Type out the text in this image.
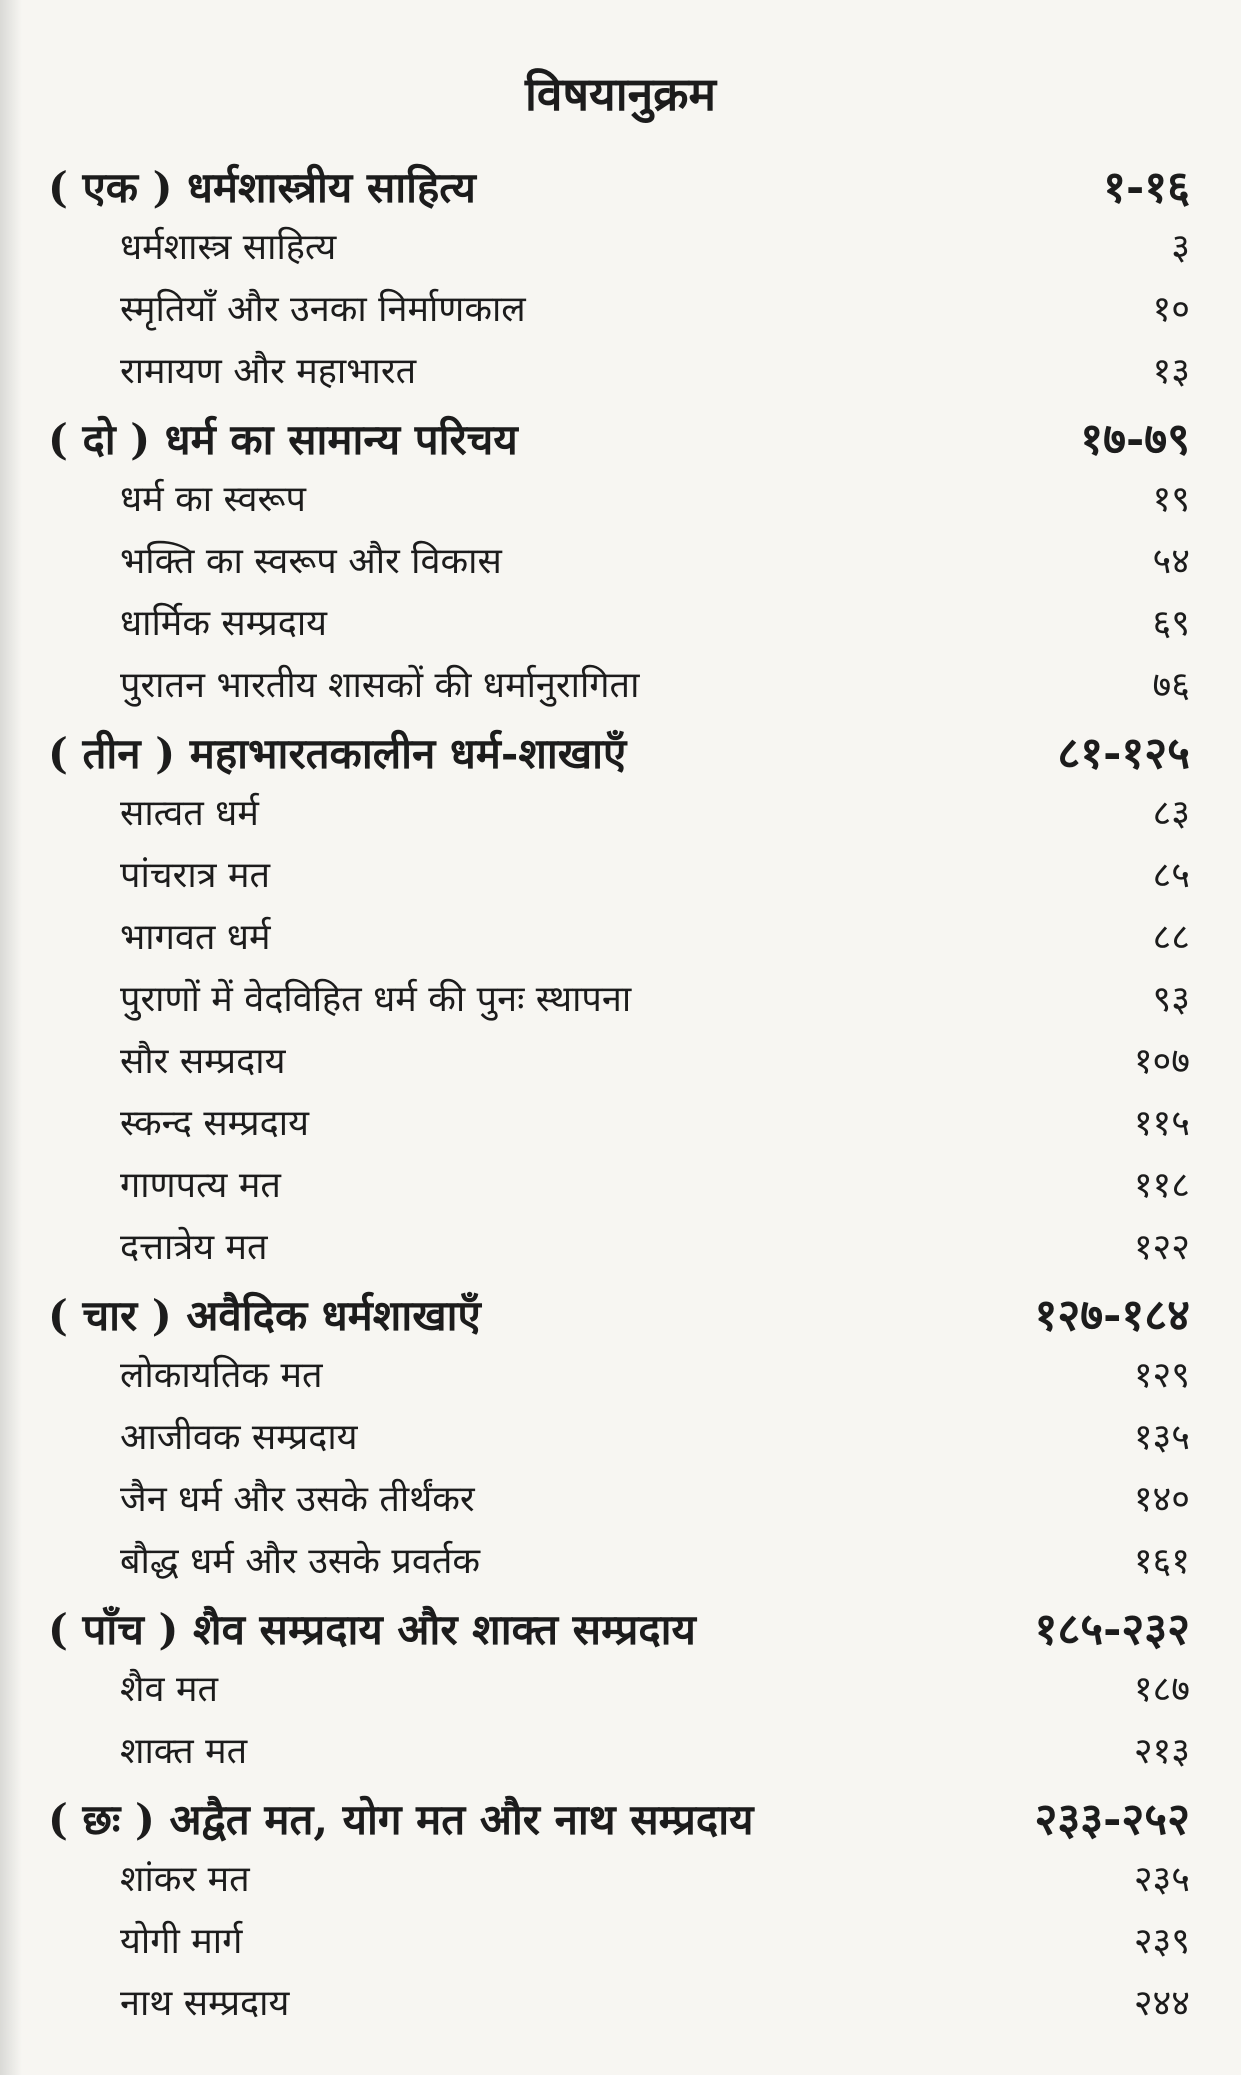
विषयानुक्रम
( एक ) धर्मशास्त्रीय साहित्य	१-१६
धर्मशास्त्र साहित्य	३
स्मृतियाँ और उनका निर्माणकाल	१०
रामायण और महाभारत	१३
( दो ) धर्म का सामान्य परिचय	१७-७९
धर्म का स्वरूप	१९
भक्ति का स्वरूप और विकास	५४
धार्मिक सम्प्रदाय	६९
पुरातन भारतीय शासकों की धर्मानुरागिता	७६
( तीन ) महाभारतकालीन धर्म-शाखाएँ	८१-१२५
सात्वत धर्म	८३
पांचरात्र मत	८५
भागवत धर्म	८८
पुराणों में वेदविहित धर्म की पुनः स्थापना	९३
सौर सम्प्रदाय	१०७
स्कन्द सम्प्रदाय	११५
गाणपत्य मत	११८
दत्तात्रेय मत	१२२
( चार ) अवैदिक धर्मशाखाएँ	१२७-१८४
लोकायतिक मत	१२९
आजीवक सम्प्रदाय	१३५
जैन धर्म और उसके तीर्थंकर	१४०
बौद्ध धर्म और उसके प्रवर्तक	१६१
( पाँच ) शैव सम्प्रदाय और शाक्त सम्प्रदाय	१८५-२३२
शैव मत	१८७
शाक्त मत	२१३
( छः ) अद्वैत मत, योग मत और नाथ सम्प्रदाय	२३३-२५२
शांकर मत	२३५
योगी मार्ग	२३९
नाथ सम्प्रदाय	२४४
